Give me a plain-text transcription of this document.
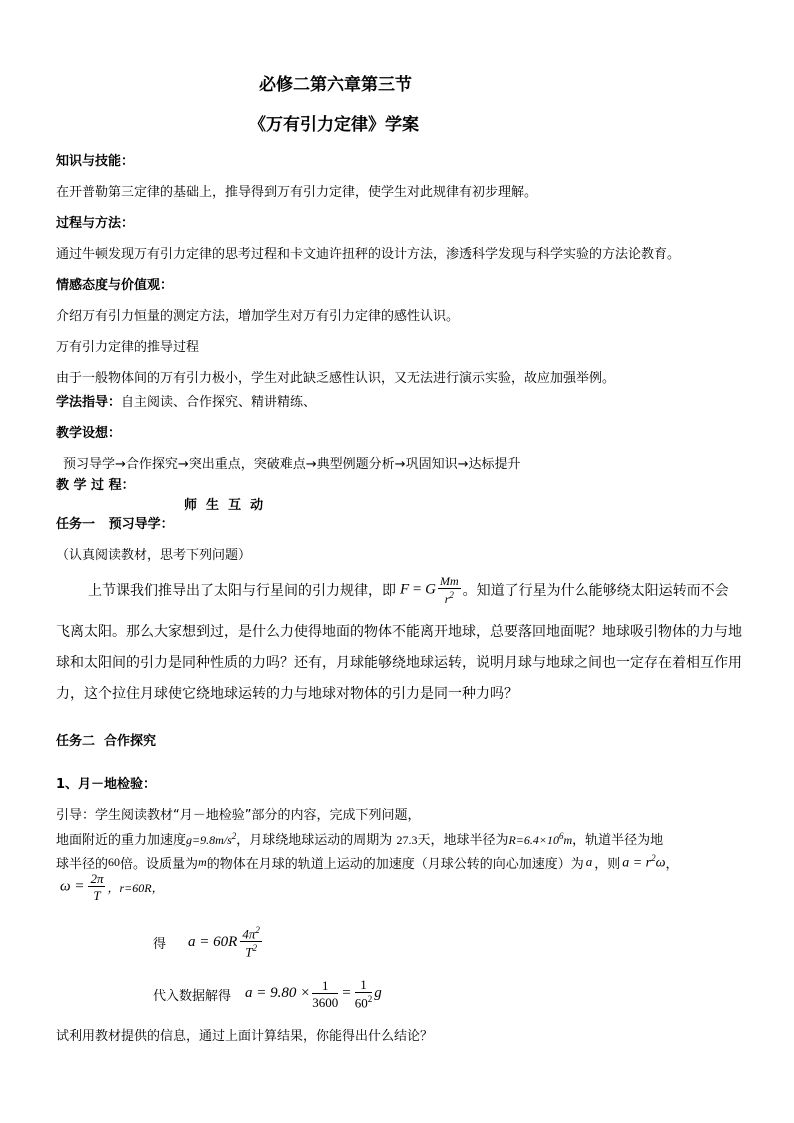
必修二第六章第三节
《万有引力定律》学案
知识与技能：
在开普勒第三定律的基础上，推导得到万有引力定律，使学生对此规律有初步理解。
过程与方法：
通过牛顿发现万有引力定律的思考过程和卡文迪许扭秤的设计方法，渗透科学发现与科学实验的方法论教育。
情感态度与价值观：
介绍万有引力恒量的测定方法，增加学生对万有引力定律的感性认识。
万有引力定律的推导过程
由于一般物体间的万有引力极小，学生对此缺乏感性认识，又无法进行演示实验，故应加强举例。
学法指导：自主阅读、合作探究、精讲精练、
教学设想：
预习导学→合作探究→突出重点，突破难点→典型例题分析→巩固知识→达标提升
教 学 过 程：
师  生  互  动
任务一   预习导学：
（认真阅读教材，思考下列问题）
上节课我们推导出了太阳与行星间的引力规律，即 F = G $\frac{Mm}{r^2}$ 。知道了行星为什么能够绕太阳运转而不会
飞离太阳。那么大家想到过，是什么力使得地面的物体不能离开地球，总要落回地面呢？地球吸引物体的力与地
球和太阳间的引力是同种性质的力吗？还有，月球能够绕地球运转，说明月球与地球之间也一定存在着相互作用
力，这个拉住月球使它绕地球运转的力与地球对物体的引力是同一种力吗？
任务二  合作探究
1、月－地检验：
引导：学生阅读教材“月－地检验”部分的内容，完成下列问题，
地面附近的重力加速度$g=9.8m/s^2$，月球绕地球运动的周期为 27.3天，地球半径为$R=6.4\times 10^6m$，轨道半径为地
球半径的 60 倍。设质量为 m 的物体在月球的轨道上运动的加速度（月球公转的向心加速度）为 a ，则 $a = r^2\omega$ ，
$\omega = \frac{2\pi}{T}$ ，r=60R，
得 $a = 60R \frac{4\pi^2}{T^2}$
代入数据解得 $a = 9.80 \times \frac{1}{3600} = \frac{1}{60^2}$ g
试利用教材提供的信息，通过上面计算结果，你能得出什么结论？
